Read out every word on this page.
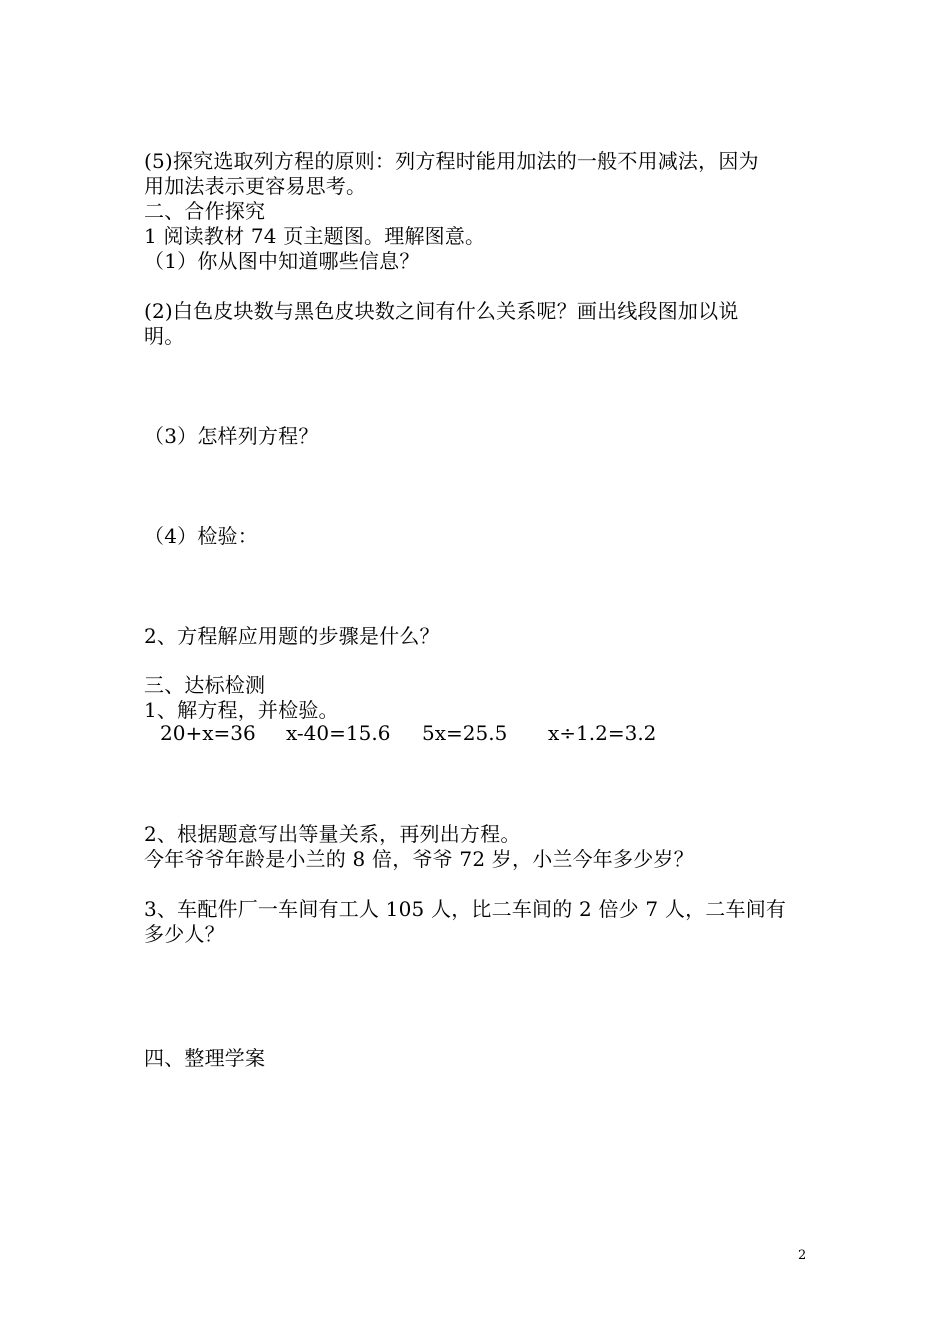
(5)探究选取列方程的原则：列方程时能用加法的一般不用减法，因为
用加法表示更容易思考。
二、合作探究
1 阅读教材 74 页主题图。理解图意。
（1）你从图中知道哪些信息？
(2)白色皮块数与黑色皮块数之间有什么关系呢？画出线段图加以说
明。
（3）怎样列方程？
（4）检验：
2、方程解应用题的步骤是什么？
三、达标检测
1、解方程，并检验。
20+x=36 x-40=15.6 5x=25.5 x÷1.2=3.2
2、根据题意写出等量关系，再列出方程。
今年爷爷年龄是小兰的 8 倍，爷爷 72 岁，小兰今年多少岁？
3、车配件厂一车间有工人 105 人，比二车间的 2 倍少 7 人，二车间有
多少人？
四、整理学案
2
